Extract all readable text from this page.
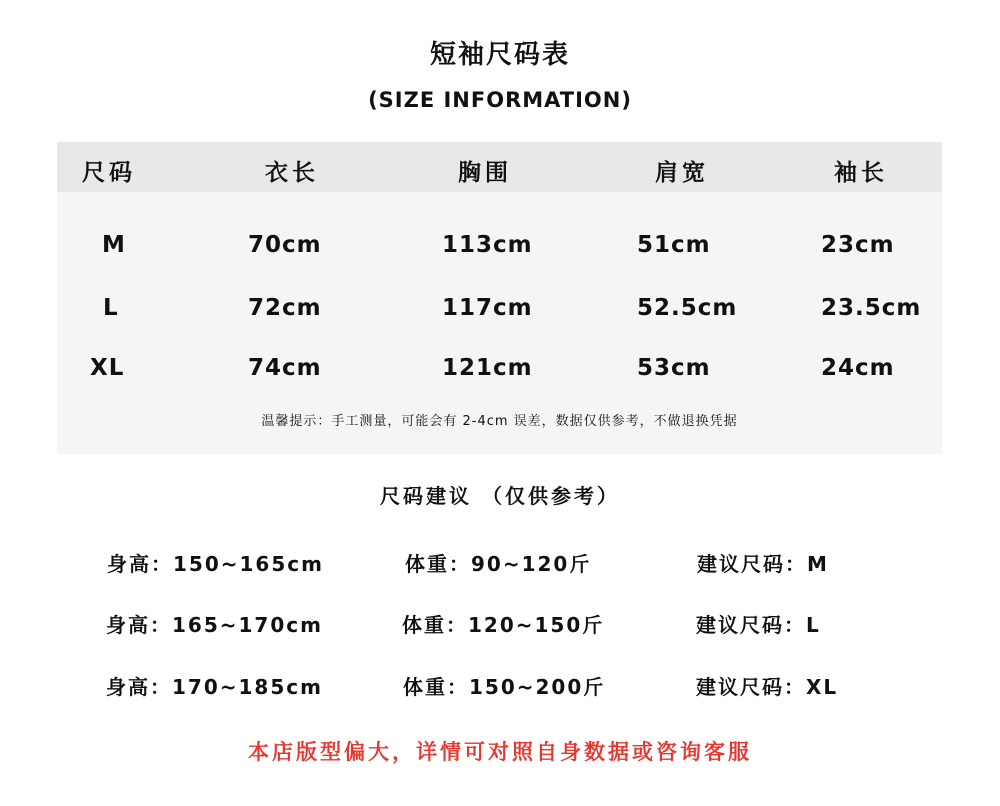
短袖尺码表
(SIZE INFORMATION)
尺码	衣长	胸围	肩宽	袖长
M	70cm	113cm	51cm	23cm
L	72cm	117cm	52.5cm	23.5cm
XL	74cm	121cm	53cm	24cm
温馨提示：手工测量，可能会有 2-4cm 误差，数据仅供参考，不做退换凭据
尺码建议 （仅供参考）
身高：150~165cm	体重：90~120斤	建议尺码：M
身高：165~170cm	体重：120~150斤	建议尺码：L
身高：170~185cm	体重：150~200斤	建议尺码：XL
本店版型偏大，详情可对照自身数据或咨询客服
